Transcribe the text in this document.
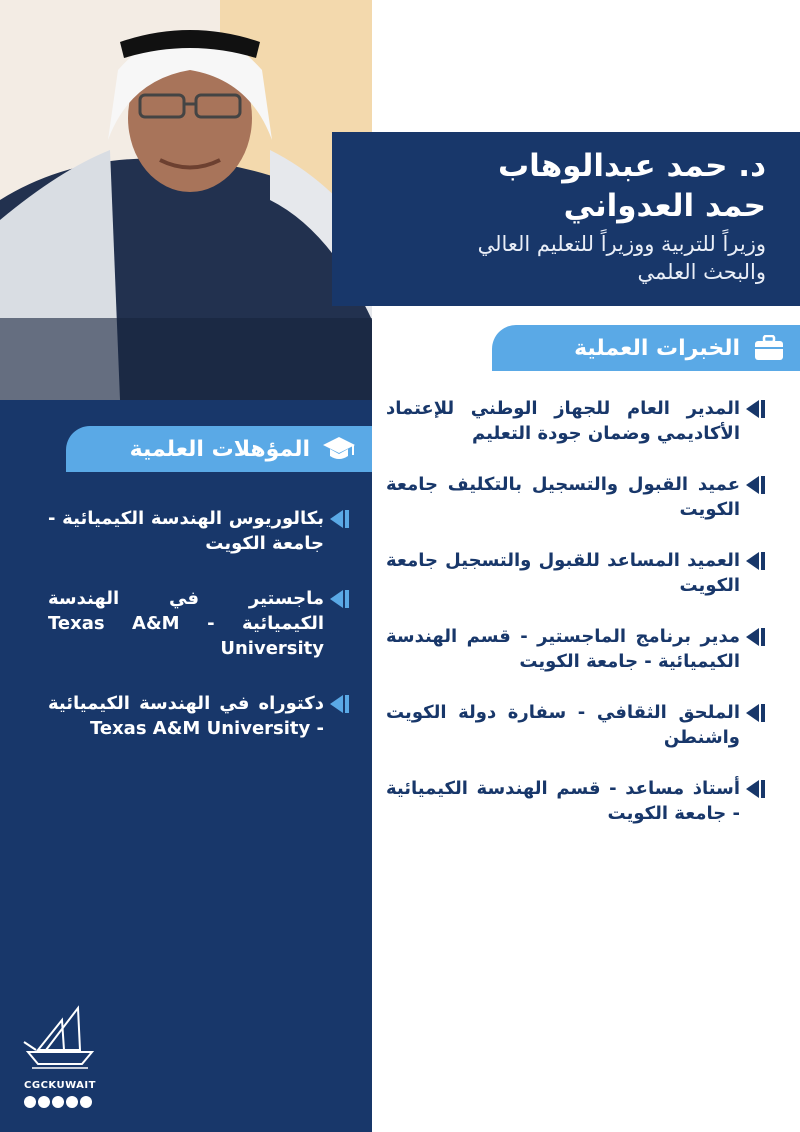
د. حمد عبدالوهاب
حمد العدواني
وزيراً للتربية ووزيراً للتعليم العالي
والبحث العلمي
الخبرات العملية
المدير العام للجهاز الوطني للإعتماد الأكاديمي وضمان جودة التعليم
عميد القبول والتسجيل بالتكليف جامعة الكويت
العميد المساعد للقبول والتسجيل جامعة الكويت
مدير برنامج الماجستير - قسم الهندسة الكيميائية - جامعة الكويت
الملحق الثقافي - سفارة دولة الكويت واشنطن
أستاذ مساعد - قسم الهندسة الكيميائية - جامعة الكويت
المؤهلات العلمية
بكالوريوس الهندسة الكيميائية - جامعة الكويت
ماجستير في الهندسة الكيميائية - Texas A&M University
دكتوراه في الهندسة الكيميائية - Texas A&M University
CGCKUWAIT
